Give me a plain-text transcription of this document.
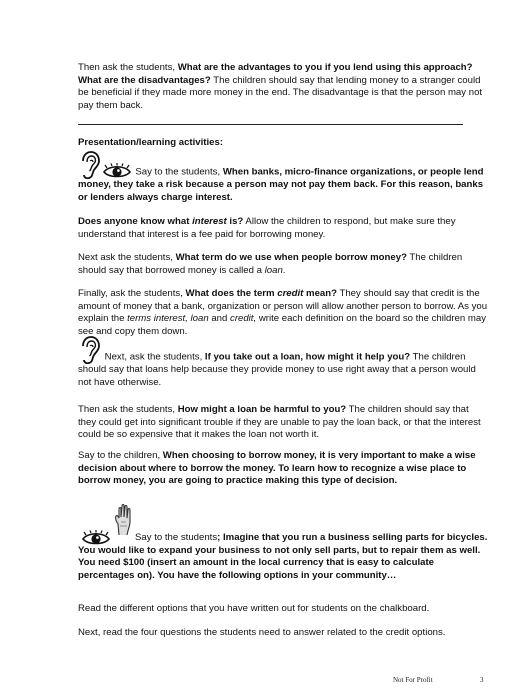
Then ask the students, What are the advantages to you if you lend using this approach? What are the disadvantages? The children should say that lending money to a stranger could be beneficial if they made more money in the end. The disadvantage is that the person may not pay them back.

Presentation/learning activities:

Say to the students, When banks, micro-finance organizations, or people lend money, they take a risk because a person may not pay them back. For this reason, banks or lenders always charge interest.

Does anyone know what interest is? Allow the children to respond, but make sure they understand that interest is a fee paid for borrowing money.

Next ask the students, What term do we use when people borrow money? The children should say that borrowed money is called a loan.

Finally, ask the students, What does the term credit mean? They should say that credit is the amount of money that a bank, organization or person will allow another person to borrow. As you explain the terms interest, loan and credit, write each definition on the board so the children may see and copy them down.

Next, ask the students, If you take out a loan, how might it help you? The children should say that loans help because they provide money to use right away that a person would not have otherwise.

Then ask the students, How might a loan be harmful to you? The children should say that they could get into significant trouble if they are unable to pay the loan back, or that the interest could be so expensive that it makes the loan not worth it.

Say to the children, When choosing to borrow money, it is very important to make a wise decision about where to borrow the money. To learn how to recognize a wise place to borrow money, you are going to practice making this type of decision.

Say to the students; Imagine that you run a business selling parts for bicycles. You would like to expand your business to not only sell parts, but to repair them as well. You need $100 (insert an amount in the local currency that is easy to calculate percentages on). You have the following options in your community…

Read the different options that you have written out for students on the chalkboard.

Next, read the four questions the students need to answer related to the credit options.

Not For Profit	3
